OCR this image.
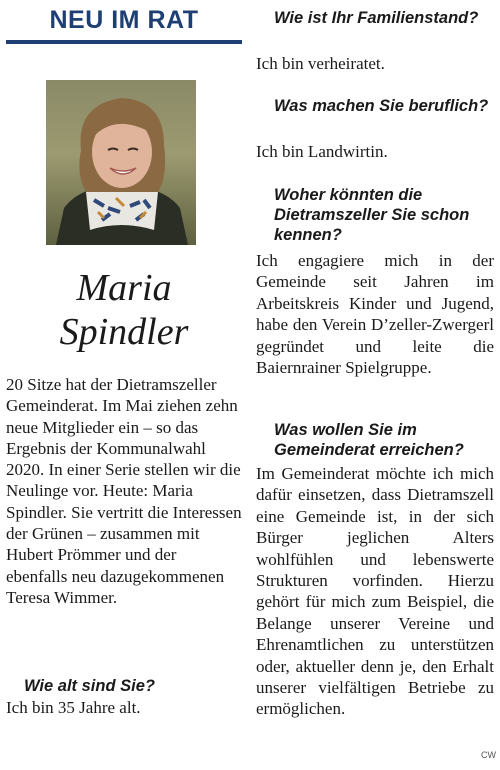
NEU IM RAT
Maria
Spindler

20 Sitze hat der Dietramszeller Gemeinderat. Im Mai ziehen zehn neue Mitglieder ein – so das Ergebnis der Kommunalwahl 2020. In einer Serie stellen wir die Neulinge vor. Heute: Maria Spindler. Sie vertritt die Interessen der Grünen – zusammen mit Hubert Prömmer und der ebenfalls neu dazugekommenen Teresa Wimmer.

Wie alt sind Sie?

Ich bin 35 Jahre alt.

Wie ist Ihr Familienstand?

Ich bin verheiratet.

Was machen Sie beruflich?

Ich bin Landwirtin.

Woher könnten die Dietramszeller Sie schon kennen?

Ich engagiere mich in der Gemeinde seit Jahren im Arbeitskreis Kinder und Jugend, habe den Verein D’zeller-Zwergerl gegründet und leite die Baiernrainer Spielgruppe.

Was wollen Sie im Gemeinderat erreichen?

Im Gemeinderat möchte ich mich dafür einsetzen, dass Dietramszell eine Gemeinde ist, in der sich Bürger jeglichen Alters wohlfühlen und lebenswerte Strukturen vorfinden. Hierzu gehört für mich zum Beispiel, die Belange unserer Vereine und Ehrenamtlichen zu unterstützen oder, aktueller denn je, den Erhalt unserer vielfältigen Betriebe zu ermöglichen.

CW
